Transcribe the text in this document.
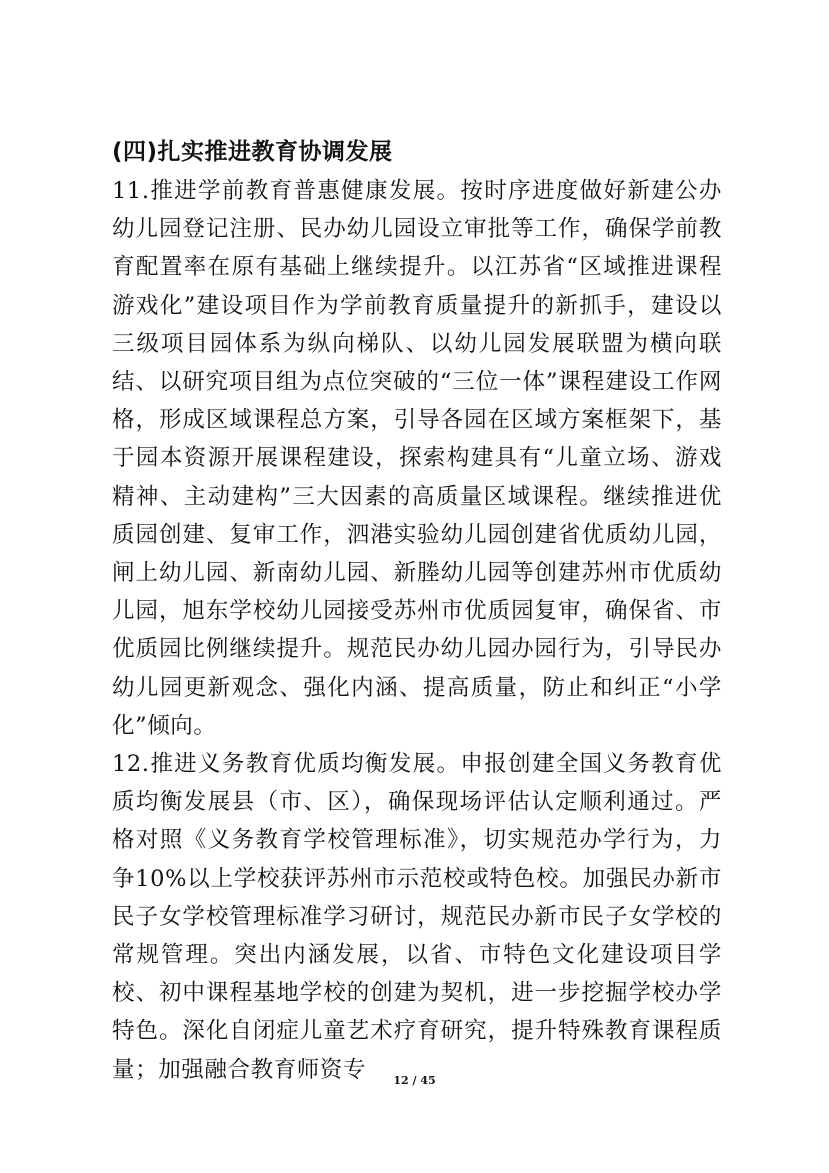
(四)扎实推进教育协调发展

11.推进学前教育普惠健康发展。按时序进度做好新建公办幼儿园登记注册、民办幼儿园设立审批等工作，确保学前教育配置率在原有基础上继续提升。以江苏省“区域推进课程游戏化”建设项目作为学前教育质量提升的新抓手，建设以三级项目园体系为纵向梯队、以幼儿园发展联盟为横向联结、以研究项目组为点位突破的“三位一体”课程建设工作网格，形成区域课程总方案，引导各园在区域方案框架下，基于园本资源开展课程建设，探索构建具有“儿童立场、游戏精神、主动建构”三大因素的高质量区域课程。继续推进优质园创建、复审工作，泗港实验幼儿园创建省优质幼儿园，闸上幼儿园、新南幼儿园、新塍幼儿园等创建苏州市优质幼儿园，旭东学校幼儿园接受苏州市优质园复审，确保省、市优质园比例继续提升。规范民办幼儿园办园行为，引导民办幼儿园更新观念、强化内涵、提高质量，防止和纠正“小学化”倾向。

12.推进义务教育优质均衡发展。申报创建全国义务教育优质均衡发展县（市、区），确保现场评估认定顺利通过。严格对照《义务教育学校管理标准》，切实规范办学行为，力争10%以上学校获评苏州市示范校或特色校。加强民办新市民子女学校管理标准学习研讨，规范民办新市民子女学校的常规管理。突出内涵发展，以省、市特色文化建设项目学校、初中课程基地学校的创建为契机，进一步挖掘学校办学特色。深化自闭症儿童艺术疗育研究，提升特殊教育课程质量；加强融合教育师资专	12 / 45
